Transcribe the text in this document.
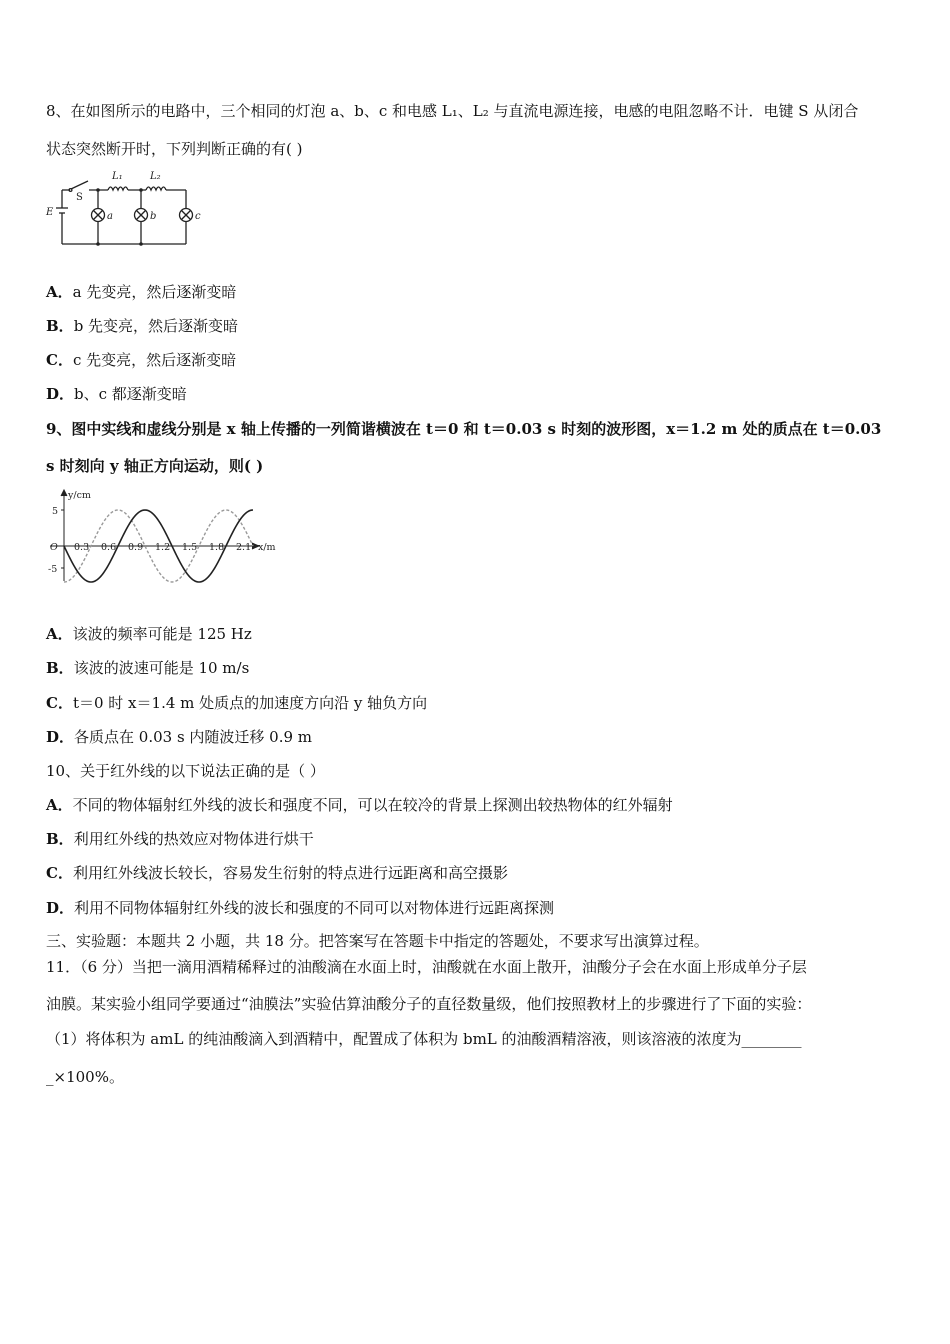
8、在如图所示的电路中，三个相同的灯泡 a、b、c 和电感 L₁、L₂ 与直流电源连接，电感的电阻忽略不计．电键 S 从闭合
状态突然断开时，下列判断正确的有( )
E
S
L₁	L₂
a	b	c
A．a 先变亮，然后逐渐变暗
B．b 先变亮，然后逐渐变暗
C．c 先变亮，然后逐渐变暗
D．b、c 都逐渐变暗
9、图中实线和虚线分别是 x 轴上传播的一列简谐横波在 t＝0 和 t＝0.03 s 时刻的波形图，x＝1.2 m 处的质点在 t＝0.03
s 时刻向 y 轴正方向运动，则( )
y/cm
x/m
O
5
-5
0.3 0.6 0.9 1.2 1.5 1.8 2.1
A．该波的频率可能是 125 Hz
B．该波的波速可能是 10 m/s
C．t＝0 时 x＝1.4 m 处质点的加速度方向沿 y 轴负方向
D．各质点在 0.03 s 内随波迁移 0.9 m
10、关于红外线的以下说法正确的是（ ）
A．不同的物体辐射红外线的波长和强度不同，可以在较冷的背景上探测出较热物体的红外辐射
B．利用红外线的热效应对物体进行烘干
C．利用红外线波长较长，容易发生衍射的特点进行远距离和高空摄影
D．利用不同物体辐射红外线的波长和强度的不同可以对物体进行远距离探测
三、实验题：本题共 2 小题，共 18 分。把答案写在答题卡中指定的答题处，不要求写出演算过程。
11．（6 分）当把一滴用酒精稀释过的油酸滴在水面上时，油酸就在水面上散开，油酸分子会在水面上形成单分子层
油膜。某实验小组同学要通过“油膜法”实验估算油酸分子的直径数量级，他们按照教材上的步骤进行了下面的实验：
（1）将体积为 amL 的纯油酸滴入到酒精中，配置成了体积为 bmL 的油酸酒精溶液，则该溶液的浓度为________
_×100%。
